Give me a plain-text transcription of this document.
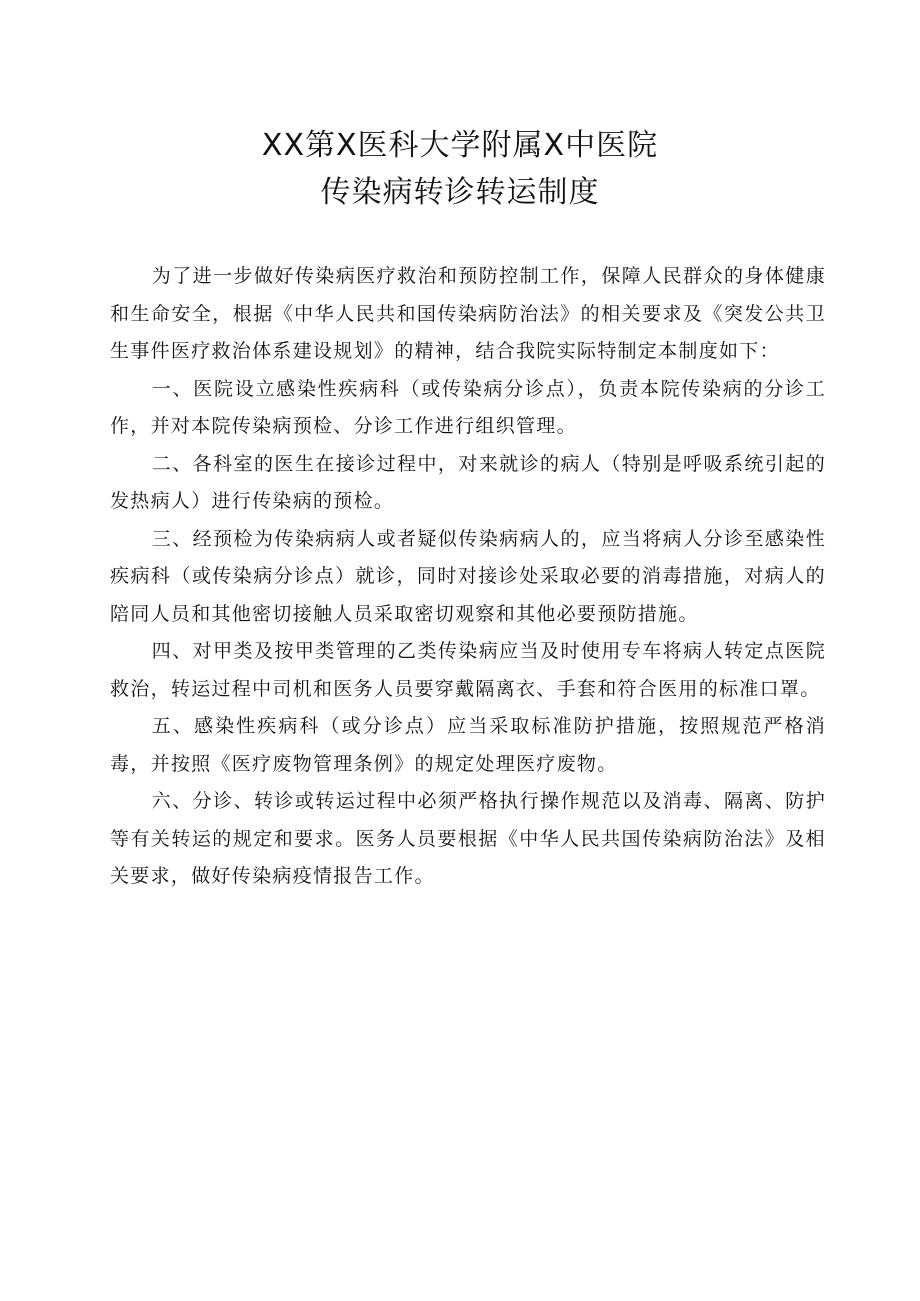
XX第X医科大学附属X中医院
传染病转诊转运制度

为了进一步做好传染病医疗救治和预防控制工作，保障人民群众的身体健康和生命安全，根据《中华人民共和国传染病防治法》的相关要求及《突发公共卫生事件医疗救治体系建设规划》的精神，结合我院实际特制定本制度如下：

一、医院设立感染性疾病科（或传染病分诊点），负责本院传染病的分诊工作，并对本院传染病预检、分诊工作进行组织管理。

二、各科室的医生在接诊过程中，对来就诊的病人（特别是呼吸系统引起的发热病人）进行传染病的预检。

三、经预检为传染病病人或者疑似传染病病人的，应当将病人分诊至感染性疾病科（或传染病分诊点）就诊，同时对接诊处采取必要的消毒措施，对病人的陪同人员和其他密切接触人员采取密切观察和其他必要预防措施。

四、对甲类及按甲类管理的乙类传染病应当及时使用专车将病人转定点医院救治，转运过程中司机和医务人员要穿戴隔离衣、手套和符合医用的标准口罩。

五、感染性疾病科（或分诊点）应当采取标准防护措施，按照规范严格消毒，并按照《医疗废物管理条例》的规定处理医疗废物。

六、分诊、转诊或转运过程中必须严格执行操作规范以及消毒、隔离、防护等有关转运的规定和要求。医务人员要根据《中华人民共国传染病防治法》及相关要求，做好传染病疫情报告工作。
